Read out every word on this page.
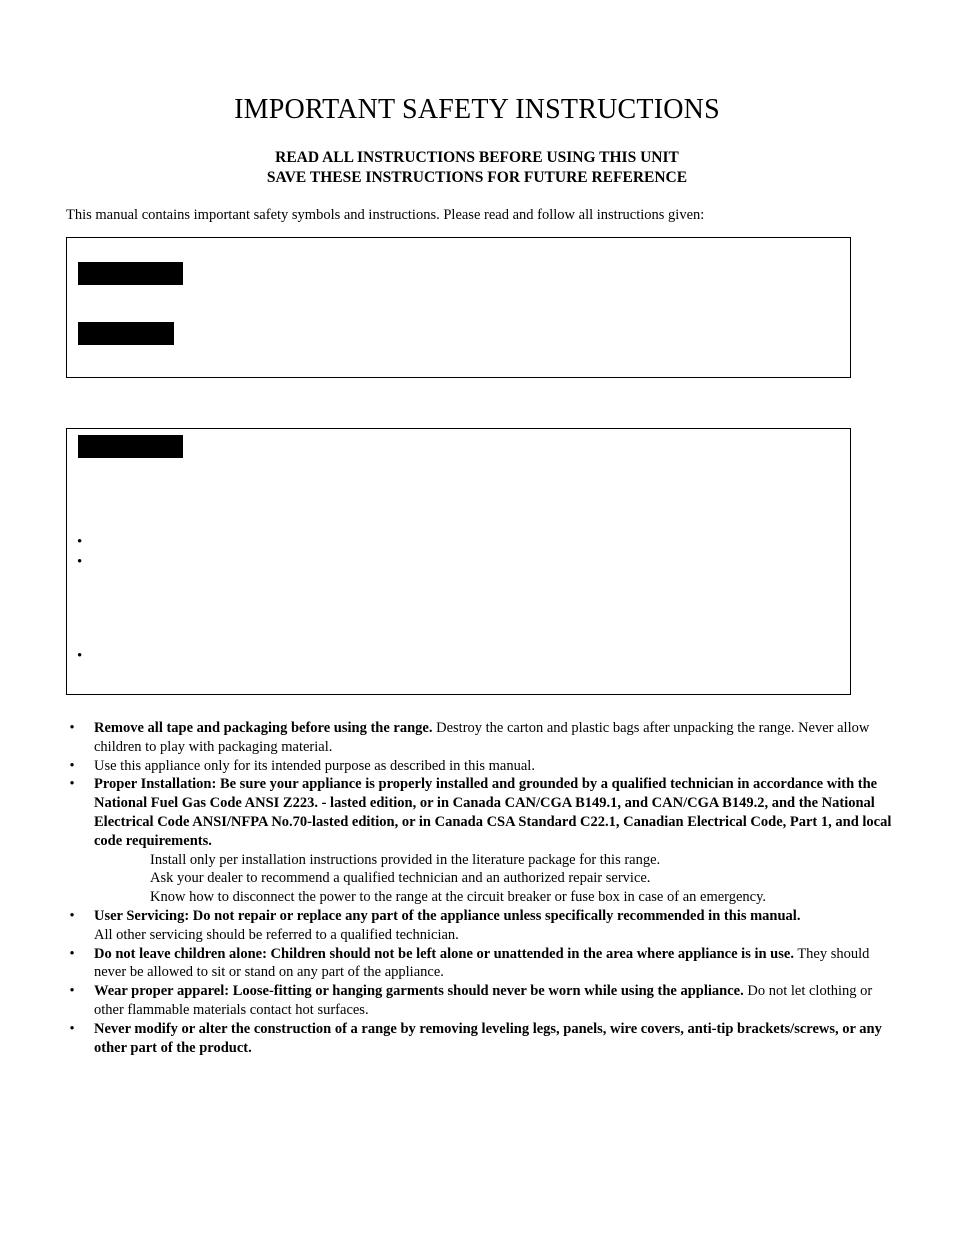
IMPORTANT SAFETY INSTRUCTIONS
READ ALL INSTRUCTIONS BEFORE USING THIS UNIT
SAVE THESE INSTRUCTIONS FOR FUTURE REFERENCE
This manual contains important safety symbols and instructions. Please read and follow all instructions given:
•
•
•
• Remove all tape and packaging before using the range. Destroy the carton and plastic bags after unpacking the range. Never allow children to play with packaging material.
• Use this appliance only for its intended purpose as described in this manual.
• Proper Installation: Be sure your appliance is properly installed and grounded by a qualified technician in accordance with the National Fuel Gas Code ANSI Z223. - lasted edition, or in Canada CAN/CGA B149.1, and CAN/CGA B149.2, and the National Electrical Code ANSI/NFPA No.70-lasted edition, or in Canada CSA Standard C22.1, Canadian Electrical Code, Part 1, and local code requirements.
Install only per installation instructions provided in the literature package for this range.
Ask your dealer to recommend a qualified technician and an authorized repair service.
Know how to disconnect the power to the range at the circuit breaker or fuse box in case of an emergency.
• User Servicing: Do not repair or replace any part of the appliance unless specifically recommended in this manual.
All other servicing should be referred to a qualified technician.
• Do not leave children alone: Children should not be left alone or unattended in the area where appliance is in use. They should never be allowed to sit or stand on any part of the appliance.
• Wear proper apparel: Loose-fitting or hanging garments should never be worn while using the appliance. Do not let clothing or other flammable materials contact hot surfaces.
• Never modify or alter the construction of a range by removing leveling legs, panels, wire covers, anti-tip brackets/screws, or any other part of the product.
